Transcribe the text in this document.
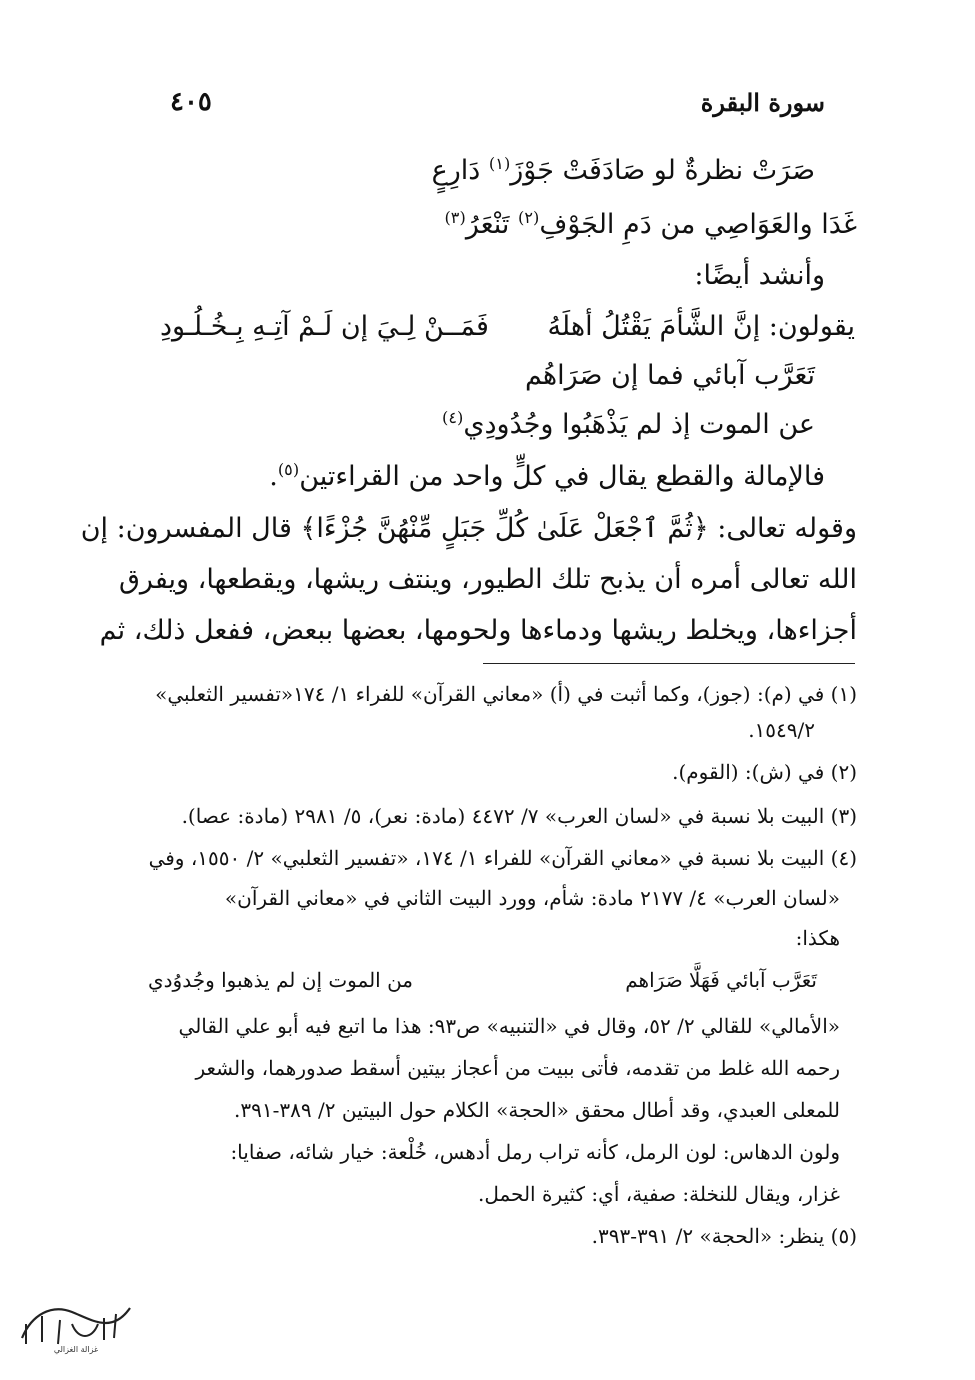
سورة البقرة
٤٠٥
صَرَتْ نظرةٌ لو صَادَفَتْ جَوْزَ$^{(١)}$ دَارِعٍ
غَدَا والعَوَاصِي من دَمِ الجَوْفِ$^{(٢)}$ تَنْعَرُ$^{(٣)}$
وأنشد أيضًا:
يقولون: إنَّ الشَّأمَ يَقْتُلُ أهلَهُ
فَمَــنْ لِـيَ إن لَـمْ آتِـهِ بِـخُـلُـودِ
تَعَرَّب آبائي فما إن صَرَاهُم
عن الموت إذ لم يَذْهَبُوا وجُدُودِي$^{(٤)}$
فالإمالة والقطع يقال في كلٍّ واحد من القراءتين$^{(٥)}$.
وقوله تعالى: ﴿ثُمَّ ٱجْعَلْ عَلَىٰ كُلِّ جَبَلٍ مِّنْهُنَّ جُزْءًا﴾ قال المفسرون: إن
الله تعالى أمره أن يذبح تلك الطيور، وينتف ريشها، ويقطعها، ويفرق
أجزاءها، ويخلط ريشها ودماءها ولحومها، بعضها ببعض، ففعل ذلك، ثم
(١) في (م): (جوز)، وكما أثبت في (أ) «معاني القرآن» للفراء ١/ ١٧٤«تفسير الثعلبي»
١٥٤٩/٢.
(٢) في (ش): (القوم).
(٣) البيت بلا نسبة في «لسان العرب» ٧/ ٤٤٧٢ (مادة: نعر)، ٥/ ٢٩٨١ (مادة: عصا).
(٤) البيت بلا نسبة في «معاني القرآن» للفراء ١/ ١٧٤، «تفسير الثعلبي» ٢/ ١٥٥٠، وفي
«لسان العرب» ٤/ ٢١٧٧ مادة: شأم، وورد البيت الثاني في «معاني القرآن»
هكذا:
تَعَرَّب آبائي فَهَلَّا صَرَاهم
من الموت إن لم يذهبوا وجُدوُدي
«الأمالي» للقالي ٢/ ٥٢، وقال في «التنبيه» ص٩٣: هذا ما اتبع فيه أبو علي القالي
رحمه الله غلط من تقدمه، فأتى ببيت من أعجاز بيتين أسقط صدورهما، والشعر
للمعلى العبدي، وقد أطال محقق «الحجة» الكلام حول البيتين ٢/ ٣٨٩-٣٩١.
ولون الدهاس: لون الرمل، كأنه تراب رمل أدهس، خُلْعة: خيار شائه، صفايا:
غزار، ويقال للنخلة: صفية، أي: كثيرة الحمل.
(٥) ينظر: «الحجة» ٢/ ٣٩١-٣٩٣.
غزالة الغزالي
